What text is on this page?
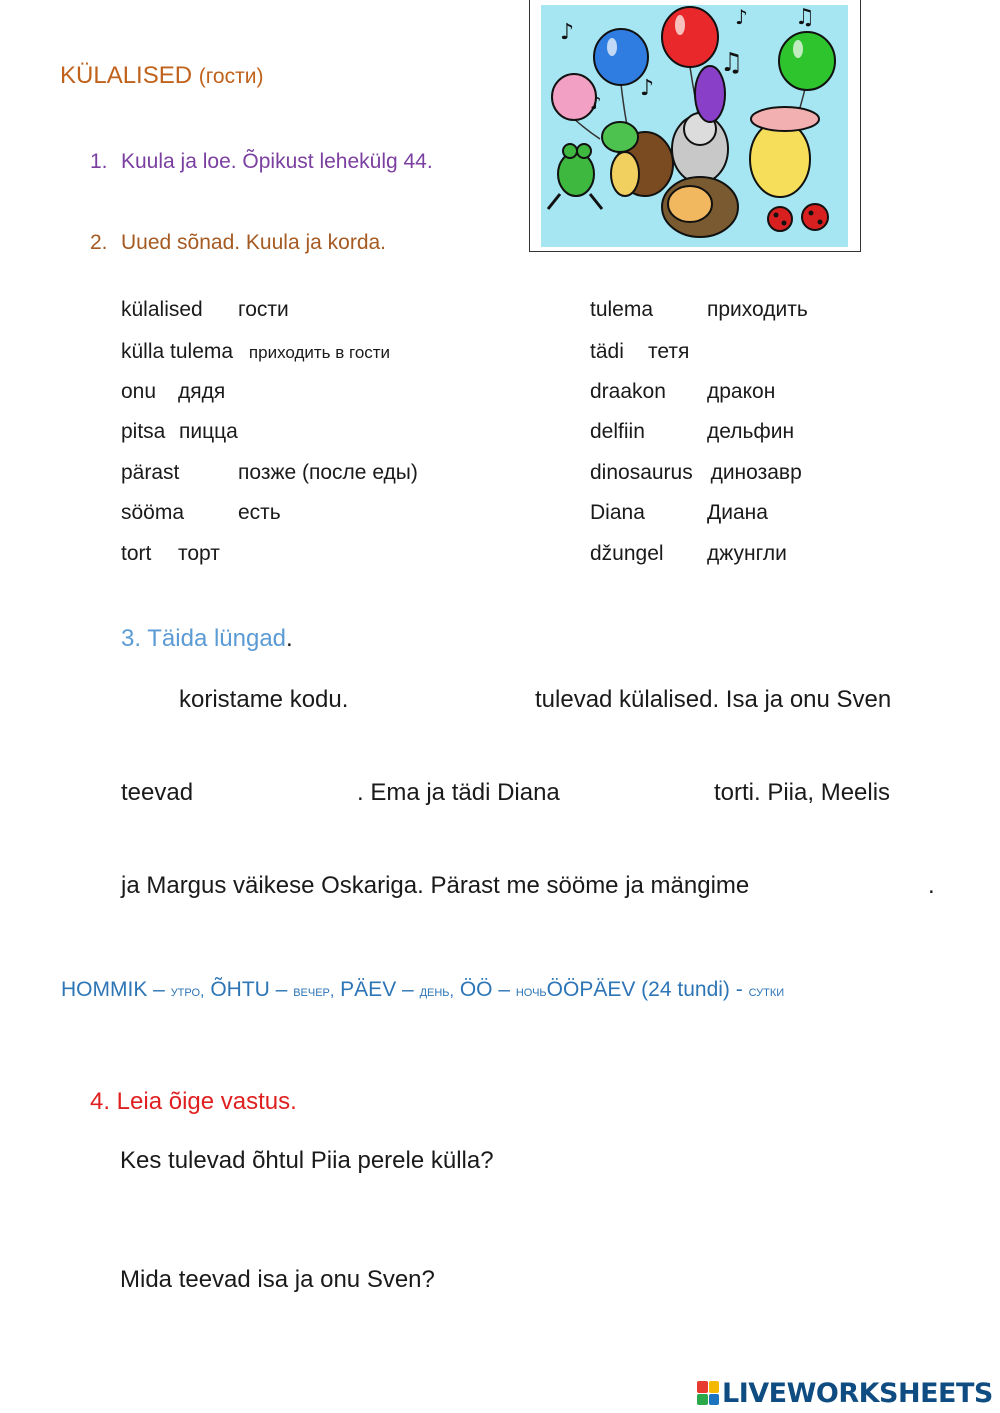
KÜLALISED (гости)
1. Kuula ja loe. Õpikust lehekülg 44.
2. Uued sõnad. Kuula ja korda.
♪
♪
♫
♪ ♫
♪
külalised гости
külla tulema приходить в гости
onu дядя
pitsa пицца
pärast	позже (после еды)
sööma	есть
tort торт
tulema	приходить
tädi тетя
draakon дракон
delfiin	дельфин
dinosaurus динозавр
Diana	Диана
džungel джунгли
3. Täida lüngad.
koristame kodu.	tulevad külalised. Isa ja onu Sven
teevad	. Ema ja tädi Diana	torti. Piia, Meelis
ja Margus väikese Oskariga. Pärast me sööme ja mängime	.
HOMMIK – утро, ÕHTU – вечер, PÄEV – день, ÖÖ – ночьÖÖPÄEV (24 tundi) - сутки
4. Leia õige vastus.
Kes tulevad õhtul Piia perele külla?
Mida teevad isa ja onu Sven?
LIVEWORKSHEETS
